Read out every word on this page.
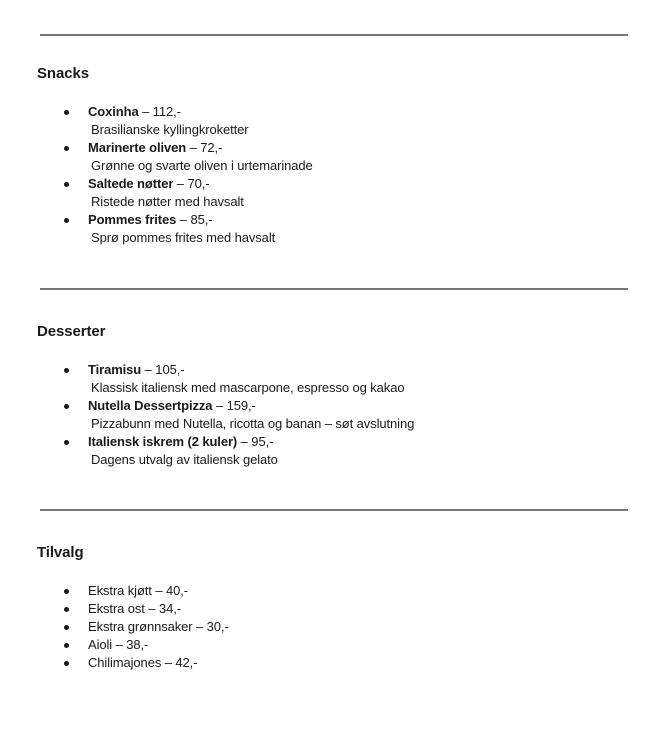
Snacks
Coxinha – 112,-
Brasilianske kyllingkroketter
Marinerte oliven – 72,-
Grønne og svarte oliven i urtemarinade
Saltede nøtter – 70,-
Ristede nøtter med havsalt
Pommes frites – 85,-
Sprø pommes frites med havsalt
Desserter
Tiramisu – 105,-
Klassisk italiensk med mascarpone, espresso og kakao
Nutella Dessertpizza – 159,-
Pizzabunn med Nutella, ricotta og banan – søt avslutning
Italiensk iskrem (2 kuler) – 95,-
Dagens utvalg av italiensk gelato
Tilvalg
Ekstra kjøtt – 40,-
Ekstra ost – 34,-
Ekstra grønnsaker – 30,-
Aioli – 38,-
Chilimajones – 42,-
